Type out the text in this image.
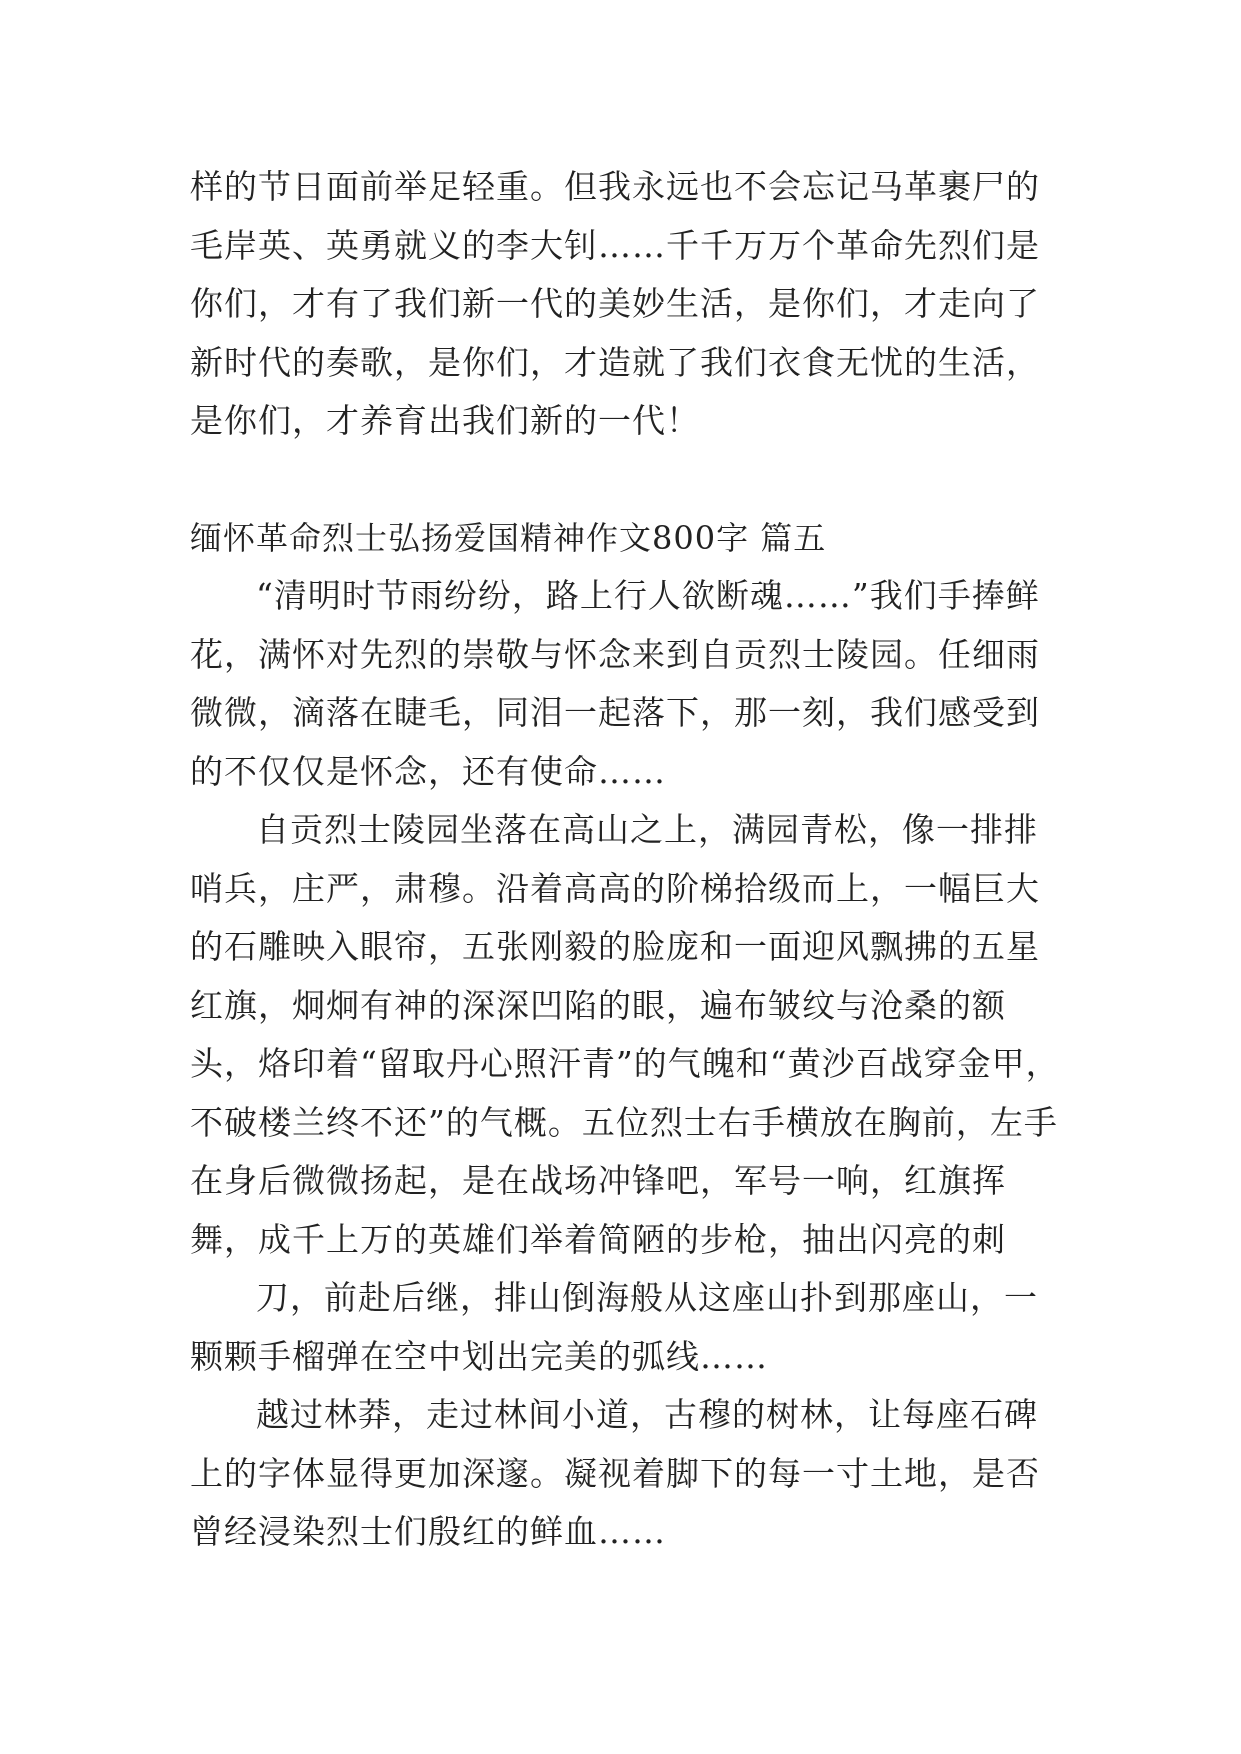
样的节日面前举足轻重。但我永远也不会忘记马革裹尸的毛岸英、英勇就义的李大钊……千千万万个革命先烈们是你们，才有了我们新一代的美妙生活，是你们，才走向了新时代的奏歌，是你们，才造就了我们衣食无忧的生活，是你们，才养育出我们新的一代！

缅怀革命烈士弘扬爱国精神作文800字 篇五

“清明时节雨纷纷，路上行人欲断魂……”我们手捧鲜花，满怀对先烈的崇敬与怀念来到自贡烈士陵园。任细雨微微，滴落在睫毛，同泪一起落下，那一刻，我们感受到的不仅仅是怀念，还有使命……

自贡烈士陵园坐落在高山之上，满园青松，像一排排哨兵，庄严，肃穆。沿着高高的阶梯拾级而上，一幅巨大的石雕映入眼帘，五张刚毅的脸庞和一面迎风飘拂的五星红旗，炯炯有神的深深凹陷的眼，遍布皱纹与沧桑的额头，烙印着“留取丹心照汗青”的气魄和“黄沙百战穿金甲，不破楼兰终不还”的气概。五位烈士右手横放在胸前，左手在身后微微扬起，是在战场冲锋吧，军号一响，红旗挥舞，成千上万的英雄们举着简陋的步枪，抽出闪亮的刺

刀，前赴后继，排山倒海般从这座山扑到那座山，一颗颗手榴弹在空中划出完美的弧线……

越过林莽，走过林间小道，古穆的树林，让每座石碑上的字体显得更加深邃。凝视着脚下的每一寸土地，是否曾经浸染烈士们殷红的鲜血……
